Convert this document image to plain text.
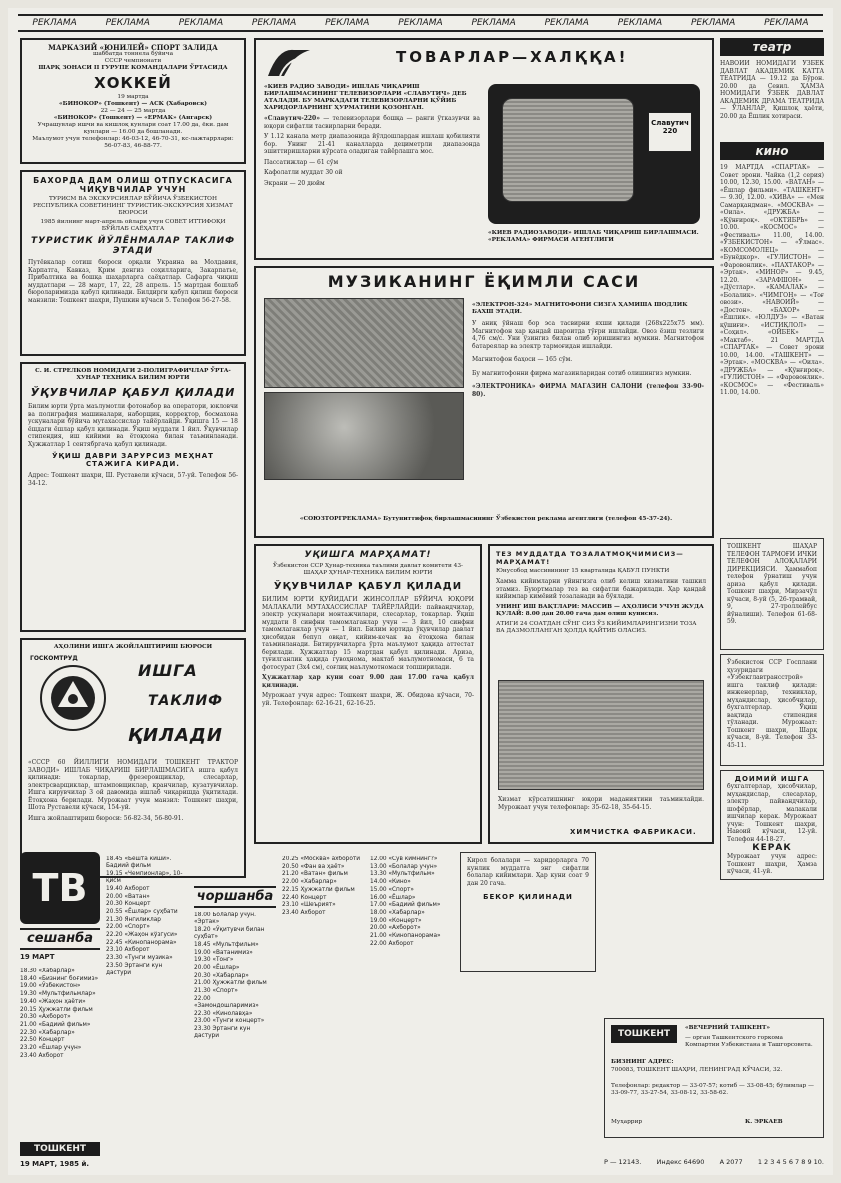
РЕКЛАМА	РЕКЛАМА	РЕКЛАМА	РЕКЛАМА	РЕКЛАМА	РЕКЛАМА	РЕКЛАМА	РЕКЛАМА	РЕКЛАМА	РЕКЛАМА	РЕКЛАМА
МАРКАЗИЙ «ЮНИЛЕЙ» СПОРТ ЗАЛИДА
шаббатда тоннела бўйича
СССР чемпионати
ШАРҚ ЗОНАСИ II ГУРУПЕ КОМАНДАЛАРИ ЎРТАСИДА
ХОККЕЙ
19 мартда
«БИНОКОР» (Тошкент) — АСК (Хабаровск)
22 — 24 — 25 мартда
«БИНОКОР» (Тошкент) — «ЕРМАК» (Ангарск)
Учрашувлар ишчи ва кишлоқ кунлари соат 17.00 да, ёки. дам кунлари — 16.00 да бошланади.
Маълумот учун телефонлар: 46-03-12, 46-70-31, кс-лажтаррлари: 56-07-83, 46-88-77.
БАХОРДА ДАМ ОЛИШ ОТПУСКАСИГА ЧИҚУВЧИЛАР УЧУН
ТУРИСМ ВА ЭКСКУРСИЯЛАР БЎЙИЧА ЎЗБЕКИСТОН РЕСПУБЛИКА СОВЕТИНИНГ ТУРИСТИК-ЭКСКУРСИЯ ХИЗМАТ БЮРОСИ
1985 йилнинг март-апрель ойлари учун СОВЕТ ИТТИФОҚИ БЎЙЛАБ САЁҲАТГА
ТУРИСТИК ЙЎЛЁНМАЛАР ТАКЛИФ ЭТАДИ
Путёвкалар сотиш бюроси орқали Украина ва Молдавия, Карпатга, Кавказ, Қрим денгиз соҳилларига, Закарпатье, Прибалтика ва бошқа шаҳарларга саёҳатлар. Сафарга чиқиш муддатлари — 28 март, 17, 22, 28 апрель. 15 мартдан бошлаб бюроларимизда қабул қилинади. Билдирги қабул қилиш бюроси манзили: Тошкент шаҳри, Пушкин кўчаси 5. Телефон 56-27-58.
С. И. СТРЕЛКОВ НОМИДАГИ 2-ПОЛИГРАФИЧЛАР ЎРТА-ХУНАР ТЕХНИКА БИЛИМ ЮРТИ
ЎҚУВЧИЛАР ҚАБУЛ ҚИЛАДИ
Билим юрти ўрта маълумотли фотонабор ва оператори, юкловчи ва полиграфия машиналари, наборщик, корректор, босмахона ускуналари бўйича мутахассислар тайёрлайди. Ўқишга 15 — 18 ёшдаги ёшлар қабул қилинади. Ўқиш муддати 1 йил. Ўқувчилар стипендия, иш кийими ва ётоқхона билан таъминланади. Ҳужжатлар 1 сентябргача қабул қилинади.
ЎҚИШ ДАВРИ ЗАРУРСИЗ МЕҲНАТ СТАЖИГА КИРАДИ.
Адрес: Тошкент шаҳри, Ш. Руставели кўчаси, 57-уй. Телефон 56-34-12.
АҲОЛИНИ ИШГА ЖОЙЛАШТИРИШ БЮРОСИ
ГОСКОМТРУД
ИШГА
ТАКЛИФ
ҚИЛАДИ
«СССР 60 ЙИЛЛИГИ НОМИДАГИ ТОШКЕНТ ТРАКТОР ЗАВОДИ» ИШЛАБ ЧИҚАРИШ БИРЛАШМАСИГА ишга қабул қилинади: токарлар, фрезеровщиклар, слесарлар, электрсварщиклар, штамповщиклар, кранчилар, кузатувчилар. Ишга кирувчилар 3 ой давомида ишлаб чиқаришда ўқитилади. Ётоқхона берилади. Мурожаат учун манзил: Тошкент шаҳри, Шота Руставели кўчаси, 154-уй.
Ишга жойлаштириш бюроси: 56-82-34, 56-80-91.
ТОВАРЛАР—ХАЛҚҚА!
«КИЕВ РАДИО ЗАВОДИ» ИШЛАБ ЧИҚАРИШ БИРЛАШМАСИНИНГ ТЕЛЕВИЗОРЛАРИ «СЛАВУТИЧ» ДЕБ АТАЛАДИ. БУ МАРКАДАГИ ТЕЛЕВИЗОРЛАРНИ ҚЎЙИБ ХАРИДОРЛАРНИНГ ҲУРМАТИНИ ҚОЗОНГАН.
«Славутич-220» — телевизорлари бошқа — ранги ўтказувчи ва юқори сифатли тасвирларни беради.
У 1.12 канала метр диапазонида йўлдошлардан ишлаш қобилияти бор. Унинг 21-41 каналларда дециметрли диапазонда эшиттиришларни кўрсата оладиган тайёрлашга мос.
Пассатижлар — 61 сўм
Кафолатли муддат 30 ой
Экрани — 20 дюйм
Славутич 220
«КИЕВ РАДИОЗАВОДИ» ИШЛАБ ЧИҚАРИШ БИРЛАШМАСИ. «РЕКЛАМА» ФИРМАСИ АГЕНТЛИГИ
МУЗИКАНИНГ ЁҚИМЛИ САСИ
«ЭЛЕКТРОН-324» МАГНИТОФОНИ СИЗГА ҲАМИША ШОДЛИК БАХШ ЭТАДИ.
У аниқ ўйнаш бор эса тасвирни яхши қилади (268х225х75 мм). Магнитофон хар қандай шароитда тўғри ишлайди. Овоз ёзиш тезлиги 4,76 см/с. Уни ўзингиз билан олиб юришингиз мумкин. Магнитофон батареялар ва электр тармоғидан ишлайди.
Магнитофон баҳоси — 165 сўм.
Бу магнитофонни фирма магазинларидан сотиб олишингиз мумкин.
«ЭЛЕКТРОНИКА» ФИРМА МАГАЗИН САЛОНИ (телефон 33-90-80).
«СОЮЗТОРГРЕКЛАМА» Бутуниттифоқ бирлашмасининг Ўзбекистон реклама агентлиги (телефон 45-37-24).
УҚИШГА МАРҲАМАТ!
Ўзбекистон ССР Ҳунар-техника таълими давлат комитети 43-ШАҲАР ҲУНАР-ТЕХНИКА БИЛИМ ЮРТИ
ЎҚУВЧИЛАР ҚАБУЛ ҚИЛАДИ
БИЛИМ ЮРТИ ҚУЙИДАГИ ЖИНСОЛЛАР БЎЙИЧА ЮҚОРИ МАЛАКАЛИ МУТАХАССИСЛАР ТАЙЁРЛАЙДИ: пайвандчилар, электр ускуналари монтажчилари, слесарлар, токарлар. Ўқиш муддати 8 синфни тамомлаганлар учун — 3 йил, 10 синфни тамомлаганлар учун — 1 йил. Билим юртида ўқувчилар давлат ҳисобидан бепул овқат, кийим-кечак ва ётоқхона билан таъминланади. Битирувчиларга ўрта маълумот ҳақида аттестат берилади. Ҳужжатлар 15 мартдан қабул қилинади. Ариза, туғилганлик ҳақида гувоҳнома, мактаб маълумотномаси, 6 та фотосурат (3х4 см), соғлиқ маълумотномаси топширилади.
Ҳужжатлар ҳар куни соат 9.00 дан 17.00 гача қабул қилинади.
Мурожаат учун адрес: Тошкент шаҳри, Ж. Обидова кўчаси, 70-уй. Телефонлар: 62-16-21, 62-16-25.
ТЕЗ МУДДАТДА ТОЗАЛАТМОҚЧИМИСИЗ—МАРҲАМАТ!
Юнусобод массивининг 15 кварталида ҚАБУЛ ПУНКТИ
Хамма кийимларни уйингизга олиб келиш хизматини ташкил этамиз. Буюртмалар тез ва сифатли бажарилади. Ҳар қандай кийимлар кимёвий тозаланади ва бўялади.
УНИНГ ИШ ВАҚТЛАРИ: МАССИВ — АҲОЛИСИ УЧУН ЖУДА ҚУЛАЙ: 8.00 дан 20.00 гача дам олиш кунисиз.
АТИГИ 24 СОАТДАН СЎНГ СИЗ ЎЗ КИЙИМЛАРИНГИЗНИ ТОЗА ВА ДАЗМОЛЛАНГАН ҲОЛДА ҚАЙТИБ ОЛАСИЗ.
Хизмат кўрсатишнинг юқори маданиятини таъминлайди. Мурожаат учун телефонлар: 35-62-18, 35-64-15.
ХИМЧИСТКА ФАБРИКАСИ.
театр
НАВОИЙ НОМИДАГИ ЎЗБЕК ДАВЛАТ АКАДЕМИК КАТТА ТЕАТРИДА — 19.12 да Бўрон. 20.00 да Севил. ҲАМЗА НОМИДАГИ ЎЗБЕК ДАВЛАТ АКАДЕМИК ДРАМА ТЕАТРИДА — ЎЛАНЛАР, Қишлоқ ҳаёти, 20.00 да Ёшлик хотираси.
кино
19 МАРТДА «СПАРТАК» — Совет эрони. Чайка (1,2 серия) 10.00, 12.30, 15.00. «ВАТАН» — «Ёшлар фильми». «ТАШКЕНТ» — 9.30, 12.00. «ХИВА» — «Мен Самарқандман». «МОСКВА» — «Оила». «ДРУЖБА» — «Қўнғироқ». «ОКТЯБРЬ» — 10.00. «КОСМОС» — «Фестиваль» 11.00, 14.00. «ЎЗБЕКИСТОН» — «Ўлмас». «КОМСОМОЛЕЦ» — «Бунёдкор». «ГУЛИСТОН» — «Фаровонлик». «ПАХТАКОР» — «Эртак». «МИНОР» — 9.45, 12.20. «ЗАРАФШОН» — «Дўстлар». «КАМАЛАК» — «Болалик». «ЧИМГОН» — «Тоғ овози». «НАВОИЙ» — «Достон». «БАХОР» — «Ёшлик». «ЮЛДУЗ» — «Ватан қўшиғи». «ИСТИҚЛОЛ» — «Соҳил». «ОЙБЕК» — «Мактаб». 21 МАРТДА «СПАРТАК» — Совет эрони 10.00, 14.00. «ТАШКЕНТ» — «Эртак». «МОСКВА» — «Оила». «ДРУЖБА» — «Қўнғироқ». «ГУЛИСТОН» — «Фаровонлик». «КОСМОС» — «Фестиваль» 11.00, 14.00.
ТОШКЕНТ ШАҲАР ТЕЛЕФОН ТАРМОҒИ ИЧКИ ТЕЛЕФОН АЛОҚАЛАРИ ДИРЕКЦИЯСИ. Ҳаммабоп телефон ўрнатиш учун ариза қабул қилади. Тошкент шаҳри, Мирзачўл кўчаси, 8-уй (5, 26-трамвай, 9, 27-троллейбус йўналиши). Телефон 61-68-59.
Ўзбекистон ССР Госплани ҳузуридаги «Узбекглавтрансстрой» ишга таклиф қилади: инженерлар, техниклар, муҳандислар, ҳисобчилар, бухгалтерлар. Ўқиш вақтида стипендия тўланади. Мурожаат: Тошкент шаҳри, Шарқ кўчаси, 8-уй. Телефон 33-45-11.
ДОИМИЙ ИШГА
бухгалтерлар, ҳисобчилар, муҳандислар, слесарлар, электр пайвандчилар, шофёрлар, малакали ишчилар керак. Мурожаат учун: Тошкент шаҳри, Навоий кўчаси, 12-уй. Телефон 44-18-27.
КЕРАК
Мурожаат учун адрес: Тошкент шаҳри, Ҳамза кўчаси, 41-уй.
ТВ
сешанба
19 МАРТ
18.30 «Хабарлар»
18.40 «Бизнинг боғимиз»
19.00 «Ўзбекистон»
19.30 «Мультфильмлар»
19.40 «Жаҳон ҳаёти»
20.15 Ҳужжатли фильм
20.30 «Ахборот»
21.00 «Бадиий фильм»
22.30 «Хабарлар»
22.50 Концерт
23.20 «Ёшлар учун»
23.40 Ахборот
18.45 «Бешта киши». Бадиий фильм
19.15 «Чемпионлар», 10-қисм
19.40 Ахборот
20.00 «Ватан»
20.30 Концерт
20.55 «Ёшлар» суҳбати
21.30 Янгиликлар
22.00 «Спорт»
22.20 «Жаҳон кўзгуси»
22.45 «Кинопанорама»
23.10 Ахборот
23.30 «Тунги музика»
23.50 Эртанги кун дастури
чоршанба
18.00 Болалар учун. «Эртак»
18.20 «Ўқитувчи билан суҳбат»
18.45 «Мультфильм»
19.00 «Ватанимиз»
19.30 «Тонг»
20.00 «Ёшлар»
20.30 «Хабарлар»
21.00 Ҳужжатли фильм
21.30 «Спорт»
22.00 «Замондошларимиз»
22.30 «Кинолавҳа»
23.00 «Тунги концерт»
23.30 Эртанги кун дастури
20.25 «Москва» ахбороти
20.50 «Фан ва ҳаёт»
21.20 «Ватан» фильм
22.00 «Хабарлар»
22.15 Ҳужжатли фильм
22.40 Концерт
23.10 «Шеърият»
23.40 Ахборот
12.00 «Сув кимнинг?»
13.00 «Болалар учун»
13.30 «Мультфильм»
14.00 «Кино»
15.00 «Спорт»
16.00 «Ёшлар»
17.00 «Бадиий фильм»
18.00 «Хабарлар»
19.00 «Концерт»
20.00 «Ахборот»
21.00 «Кинопанорама»
22.00 Ахборот
ТОШКЕНТ
19 МАРТ, 1985 й.
Кирол болалари — харидорларга 70 кунлик муддатга энг сифатли болалар кийимлари. Ҳар куни соат 9 дан 20 гача.
БЕКОР ҚИЛИНАДИ
ТОШКЕНТ
«ВЕЧЕРНИЙ ТАШКЕНТ»
— орган Ташкентского горкома Компартии Узбекистана и Ташгорсовета.
БИЗНИНГ АДРЕС:
700083, ТОШКЕНТ ШАҲРИ, ЛЕНИНГРАД КЎЧАСИ, 32.
Телефонлар: редактор — 33-07-57; котиб — 33-08-45; бўлимлар — 33-09-77, 33-27-54, 33-08-12, 33-58-62.
Муҳаррир	К. ЭРКАЕВ
Р — 12143. Индекс 64690 А 2077 1 2 3 4 5 6 7 8 9 10.
